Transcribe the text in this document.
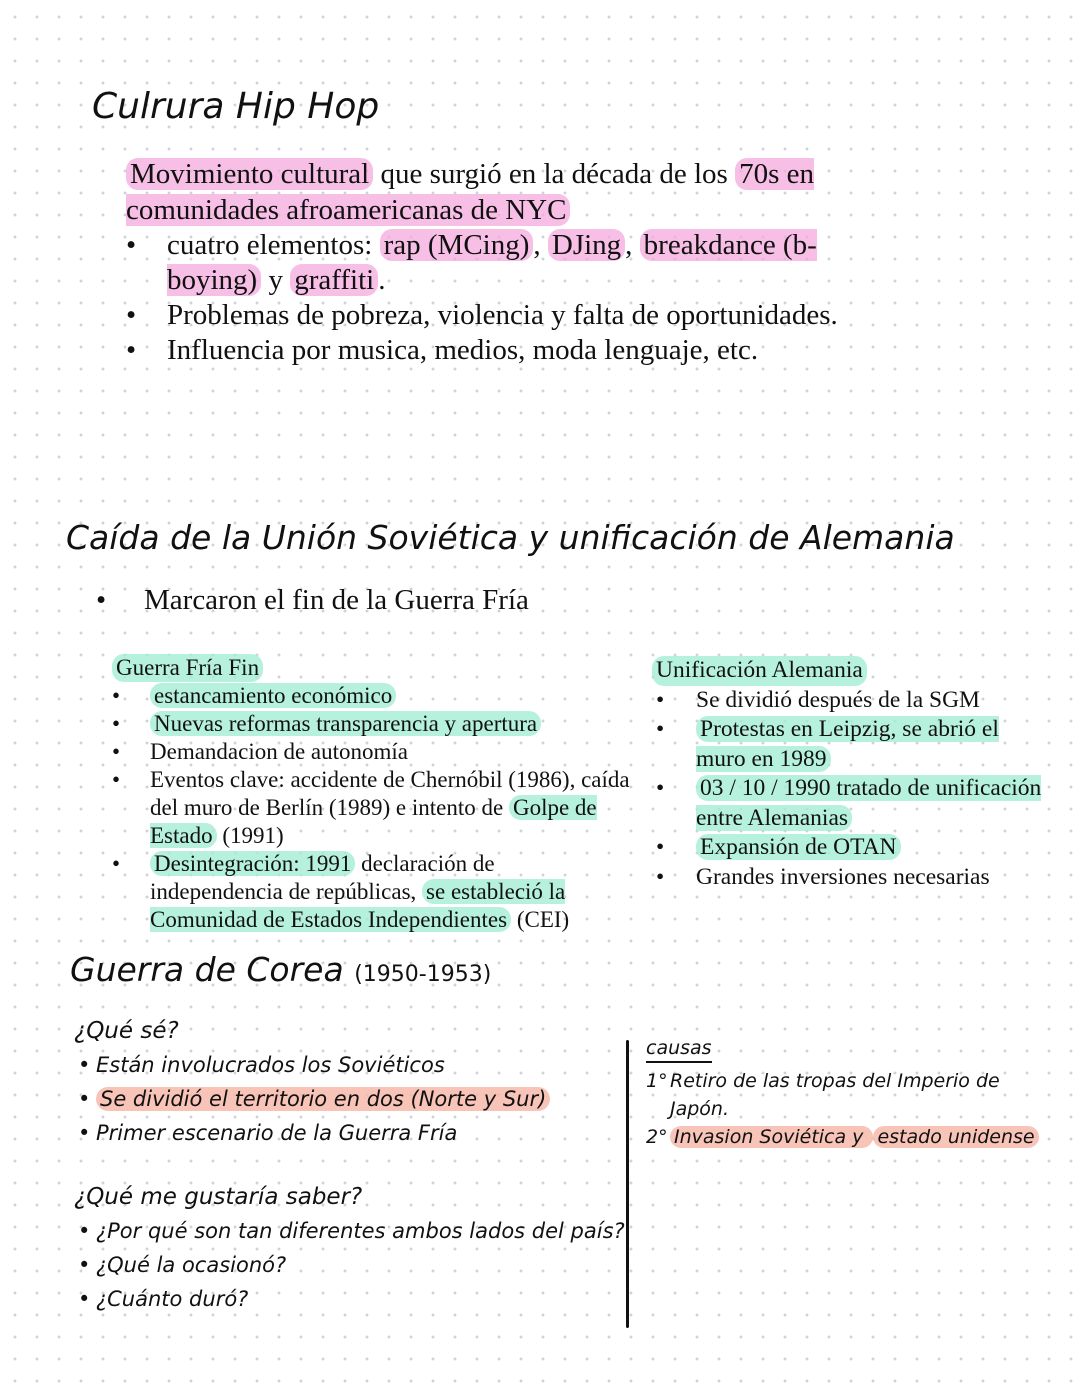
Culrura Hip Hop
Movimiento cultural que surgió en la década de los 70s en comunidades afroamericanas de NYC
• cuatro elementos: rap (MCing) , DJing , breakdance (b-boying) y graffiti .
• Problemas de pobreza, violencia y falta de oportunidades.
• Influencia por musica, medios, moda lenguaje, etc.
Caída de la Unión Soviética y unificación de Alemania
• Marcaron el fin de la Guerra Fría
Guerra Fría Fin
• estancamiento económico
• Nuevas reformas transparencia y apertura
• Demandacion de autonomía
• Eventos clave: accidente de Chernóbil (1986), caída del muro de Berlín (1989) e intento de Golpe de Estado (1991)
• Desintegración: 1991 declaración de independencia de repúblicas, se estableció la Comunidad de Estados Independientes (CEI)
Unificación Alemania
• Se dividió después de la SGM
• Protestas en Leipzig, se abrió el muro en 1989
• 03 / 10 / 1990 tratado de unificación entre Alemanias
• Expansión de OTAN
• Grandes inversiones necesarias
Guerra de Corea (1950-1953)
¿Qué sé?
• Están involucrados los Soviéticos
• Se dividió el territorio en dos (Norte y Sur)
• Primer escenario de la Guerra Fría
¿Qué me gustaría saber?
• ¿Por qué son tan diferentes ambos lados del país?
• ¿Qué la ocasionó?
• ¿Cuánto duró?
causas
1° Retiro de las tropas del Imperio de Japón.
2° Invasion Soviética y estado unidense
